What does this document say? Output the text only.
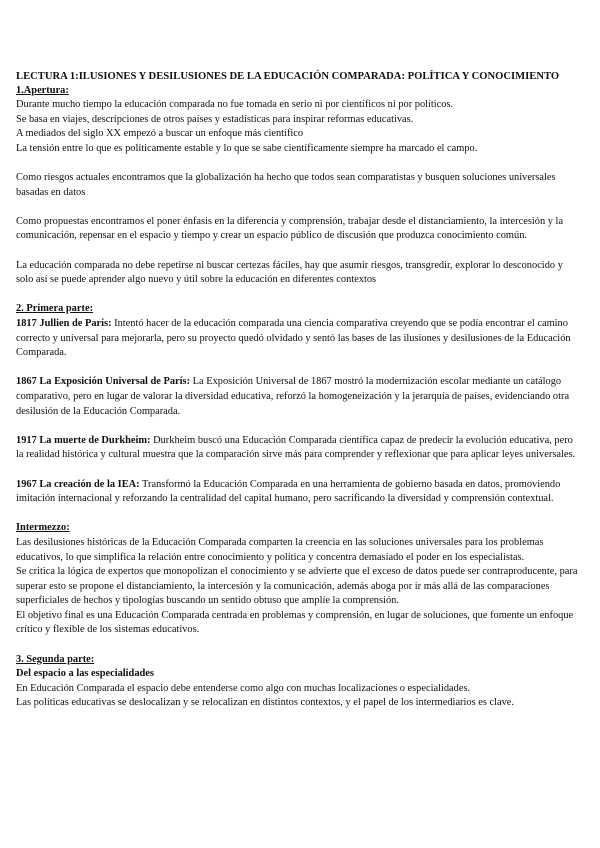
LECTURA 1:ILUSIONES Y DESILUSIONES DE LA EDUCACIÓN COMPARADA: POLÍTICA Y CONOCIMIENTO

1.Apertura:

Durante mucho tiempo la educación comparada no fue tomada en serio ni por científicos ni por políticos.

Se basa en viajes, descripciones de otros países y estadísticas para inspirar reformas educativas.

A mediados del siglo XX empezó a buscar un enfoque más científico

La tensión entre lo que es políticamente estable y lo que se sabe científicamente siempre ha marcado el campo.

Como riesgos actuales encontramos que la globalización ha hecho que todos sean comparatistas y busquen soluciones universales basadas en datos

Como propuestas encontramos el poner énfasis en la diferencia y comprensión, trabajar desde el distanciamiento, la intercesión y la comunicación, repensar en el espacio y tiempo y crear un espacio público de discusión que produzca conocimiento común.

La educación comparada no debe repetirse ni buscar certezas fáciles, hay que asumir riesgos, transgredir, explorar lo desconocido y solo así se puede aprender algo nuevo y útil sobre la educación en diferentes contextos

2. Primera parte:

1817 Jullien de París: Intentó hacer de la educación comparada una ciencia comparativa creyendo que se podía encontrar el camino correcto y universal para mejorarla, pero su proyecto quedó olvidado y sentó las bases de las ilusiones y desilusiones de la Educación Comparada.

1867 La Exposición Universal de París: La Exposición Universal de 1867 mostró la modernización escolar mediante un catálogo comparativo, pero en lugar de valorar la diversidad educativa, reforzó la homogeneización y la jerarquía de países, evidenciando otra desilusión de la Educación Comparada.

1917 La muerte de Durkheim: Durkheim buscó una Educación Comparada científica capaz de predecir la evolución educativa, pero la realidad histórica y cultural muestra que la comparación sirve más para comprender y reflexionar que para aplicar leyes universales.

1967 La creación de la IEA: Transformó la Educación Comparada en una herramienta de gobierno basada en datos, promoviendo imitación internacional y reforzando la centralidad del capital humano, pero sacrificando la diversidad y comprensión contextual.

Intermezzo:

Las desilusiones históricas de la Educación Comparada comparten la creencia en las soluciones universales para los problemas educativos, lo que simplifica la relación entre conocimiento y política y concentra demasiado el poder en los especialistas.

Se critica la lógica de expertos que monopolizan el conocimiento y se advierte que el exceso de datos puede ser contraproducente, para superar esto se propone el distanciamiento, la intercesión y la comunicación, además aboga por ir más allá de las comparaciones superficiales de hechos y tipologías buscando un sentido obtuso que amplíe la comprensión.

El objetivo final es una Educación Comparada centrada en problemas y comprensión, en lugar de soluciones, que fomente un enfoque crítico y flexible de los sistemas educativos.

3. Segunda parte:

Del espacio a las especialidades

En Educación Comparada el espacio debe entenderse como algo con muchas localizaciones o especialidades.

Las políticas educativas se deslocalizan y se relocalizan en distintos contextos, y el papel de los intermediarios es clave.
